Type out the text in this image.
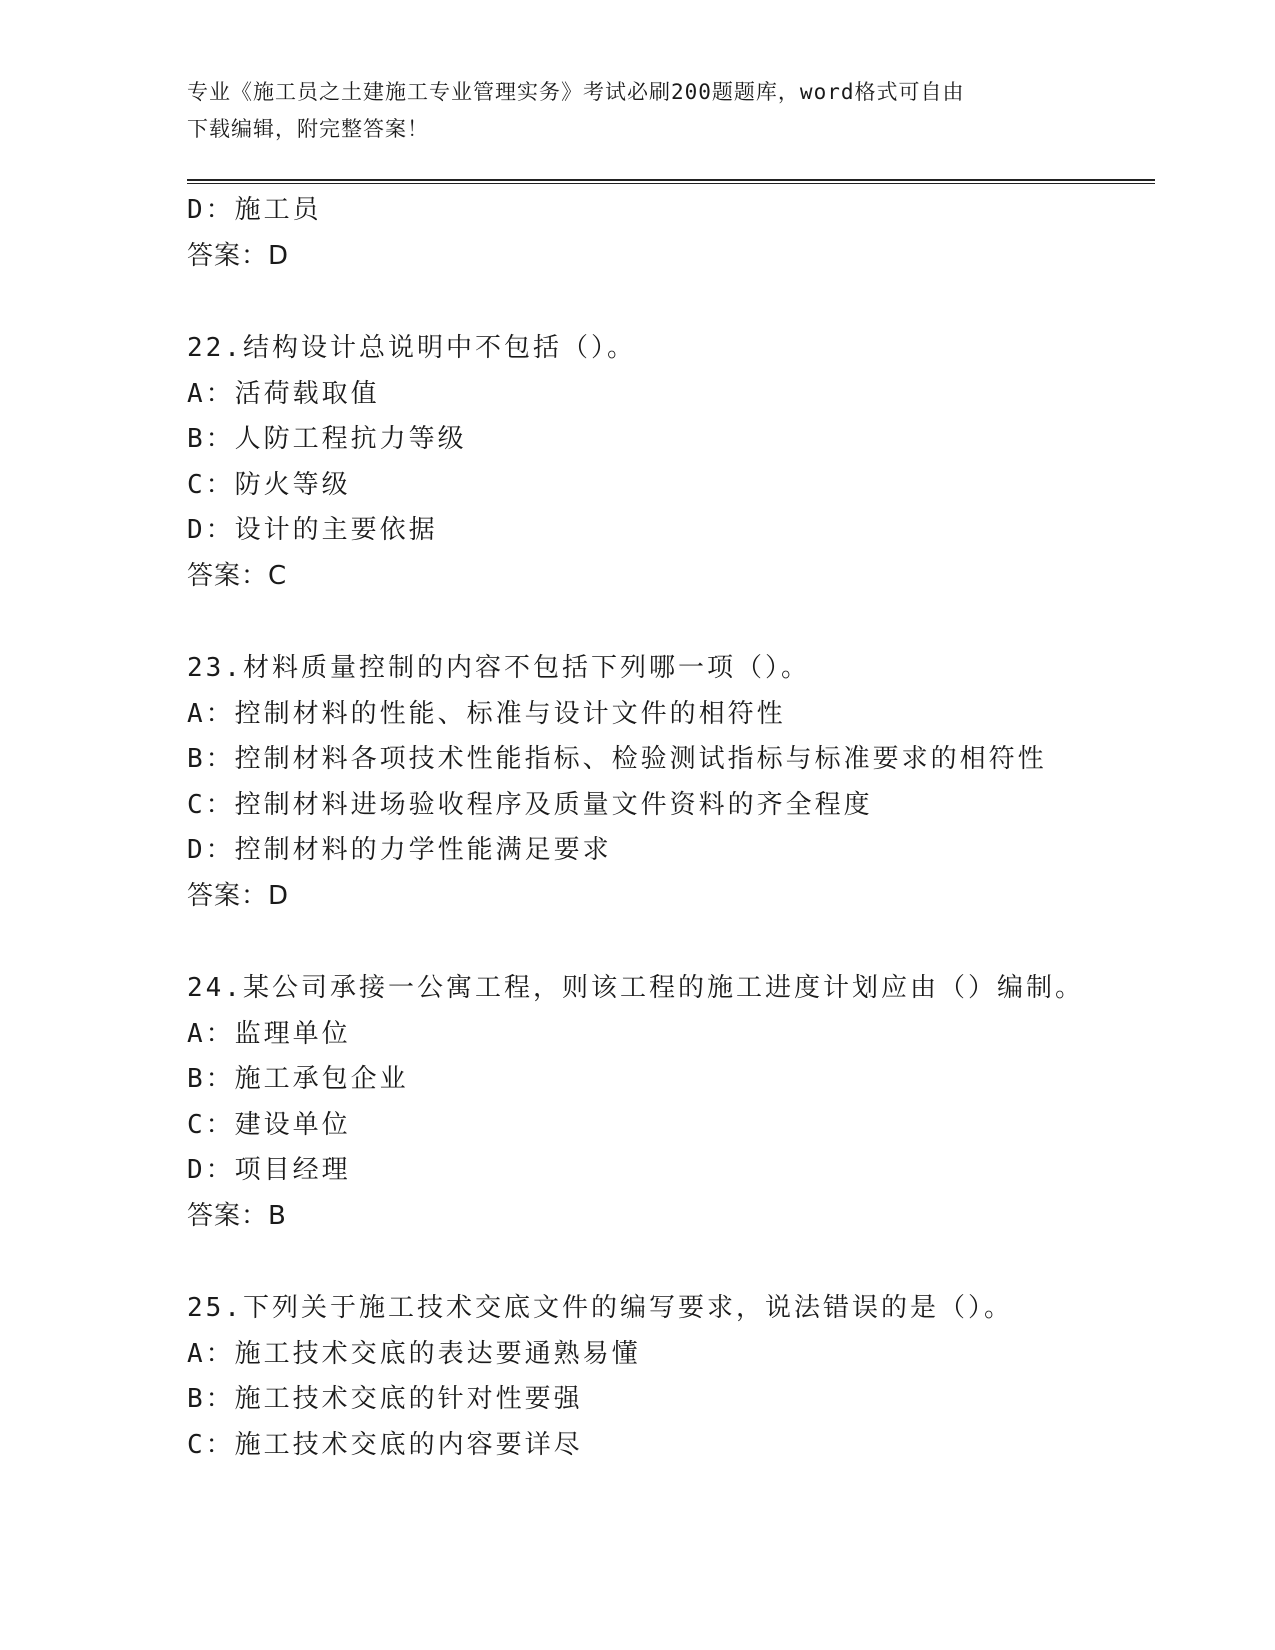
专业《施工员之土建施工专业管理实务》考试必刷200题题库，word格式可自由
下载编辑，附完整答案！
D：施工员
答案：D
22.结构设计总说明中不包括（）。
A：活荷载取值
B：人防工程抗力等级
C：防火等级
D：设计的主要依据
答案：C
23.材料质量控制的内容不包括下列哪一项（）。
A：控制材料的性能、标准与设计文件的相符性
B：控制材料各项技术性能指标、检验测试指标与标准要求的相符性
C：控制材料进场验收程序及质量文件资料的齐全程度
D：控制材料的力学性能满足要求
答案：D
24.某公司承接一公寓工程，则该工程的施工进度计划应由（）编制。
A：监理单位
B：施工承包企业
C：建设单位
D：项目经理
答案：B
25.下列关于施工技术交底文件的编写要求，说法错误的是（）。
A：施工技术交底的表达要通熟易懂
B：施工技术交底的针对性要强
C：施工技术交底的内容要详尽
